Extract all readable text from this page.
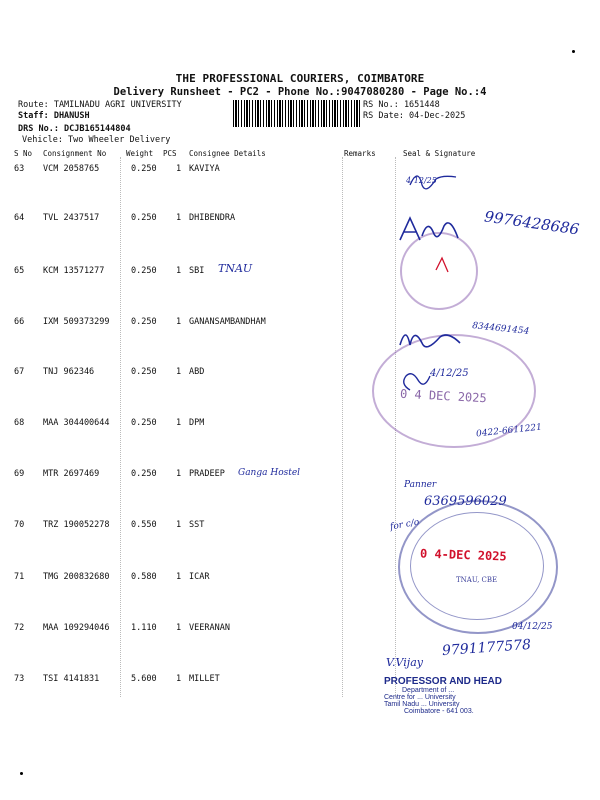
THE PROFESSIONAL COURIERS, COIMBATORE
Delivery Runsheet - PC2 - Phone No.:9047080280 - Page No.:4
Route: TAMILNADU AGRI UNIVERSITY
Staff: DHANUSH
DRS No.: DCJB165144804
Vehicle: Two Wheeler Delivery
RS No.: 1651448
RS Date: 04-Dec-2025
S No Consignment No	Weight PCS Consignee Details	Remarks	Seal & Signature
63 VCM 2058765	0.250 1 KAVIYA
64 TVL 2437517	0.250 1 DHIBENDRA
65 KCM 13571277	0.250 1 SBI
66 IXM 509373299	0.250 1 GANANSAMBANDHAM
67 TNJ 962346	0.250 1 ABD
68 MAA 304400644	0.250 1 DPM
69 MTR 2697469	0.250 1 PRADEEP
70 TRZ 190052278	0.550 1 SST
71 TMG 200832680	0.580 1 ICAR
72 MAA 109294046	1.110 1 VEERANAN
73 TSI 4141831	5.600 1 MILLET
TNAU, CBE
0 4 DEC 2025
0 4-DEC 2025
4/12/25
9976428686
TNAU
8344691454
4/12/25
0422-6611221
Ganga Hostel
Panner
6369596029
for c/o
04/12/25
V.Vijay
9791177578
PROFESSOR AND HEAD
Department of ...
Centre for ... University
Tamil Nadu ... University
Coimbatore - 641 003.
